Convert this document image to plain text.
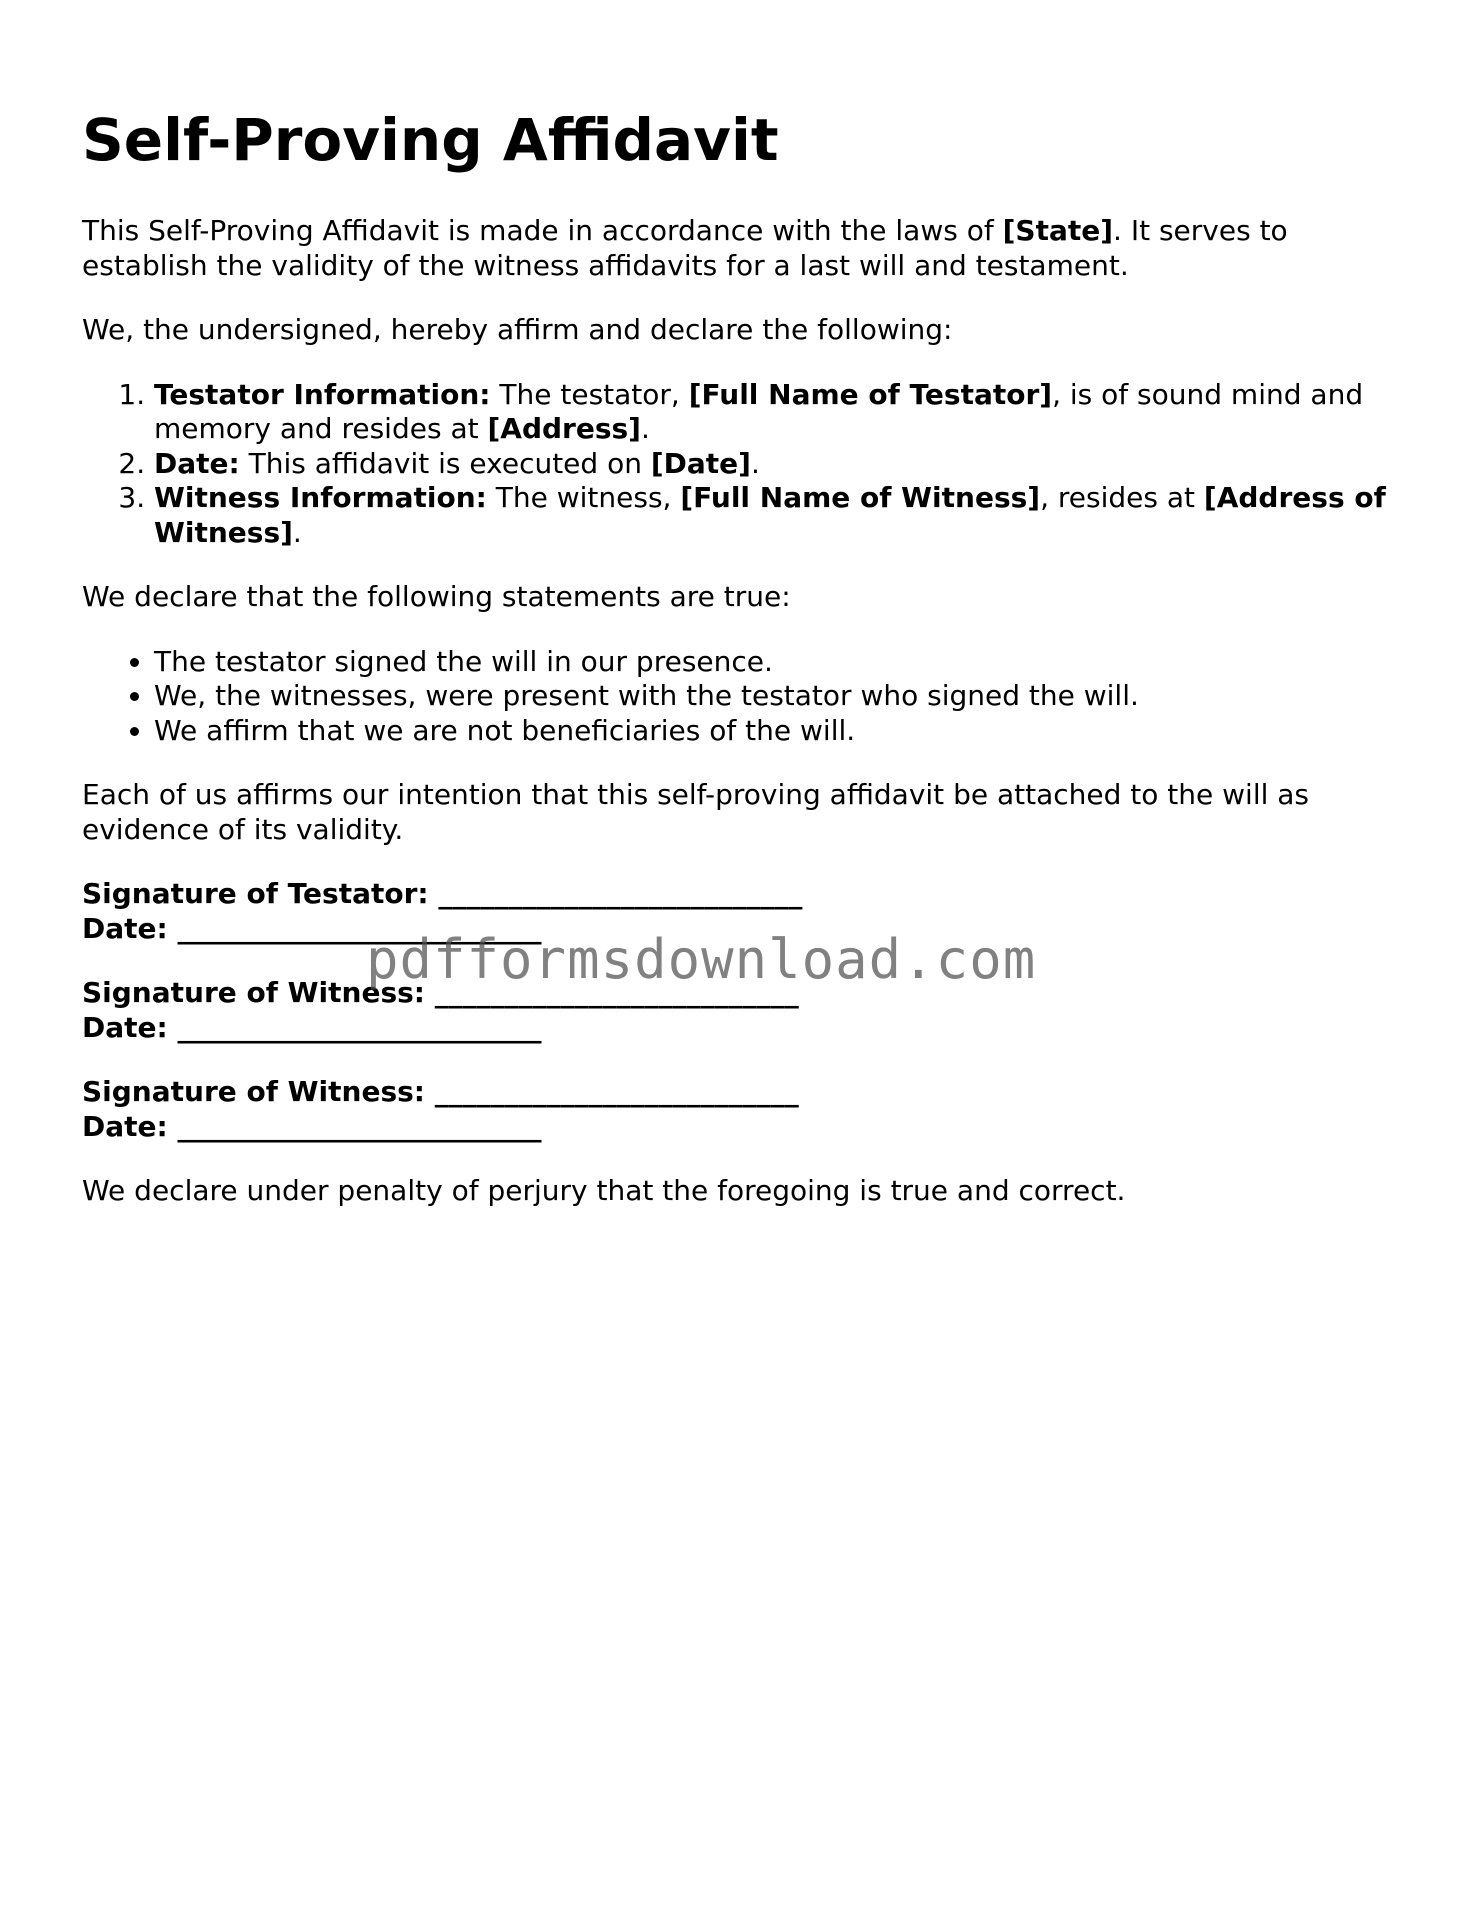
Self-Proving Affidavit

This Self-Proving Affidavit is made in accordance with the laws of [State]. It serves to establish the validity of the witness affidavits for a last will and testament.

We, the undersigned, hereby affirm and declare the following:

1. Testator Information: The testator, [Full Name of Testator], is of sound mind and memory and resides at [Address].
2. Date: This affidavit is executed on [Date].
3. Witness Information: The witness, [Full Name of Witness], resides at [Address of Witness].

We declare that the following statements are true:

• The testator signed the will in our presence.
• We, the witnesses, were present with the testator who signed the will.
• We affirm that we are not beneficiaries of the will.

Each of us affirms our intention that this self-proving affidavit be attached to the will as evidence of its validity.

Signature of Testator: __________________________
Date: __________________________
Signature of Witness: __________________________
Date: __________________________
Signature of Witness: __________________________
Date: __________________________

We declare under penalty of perjury that the foregoing is true and correct.

pdfformsdownload.com
